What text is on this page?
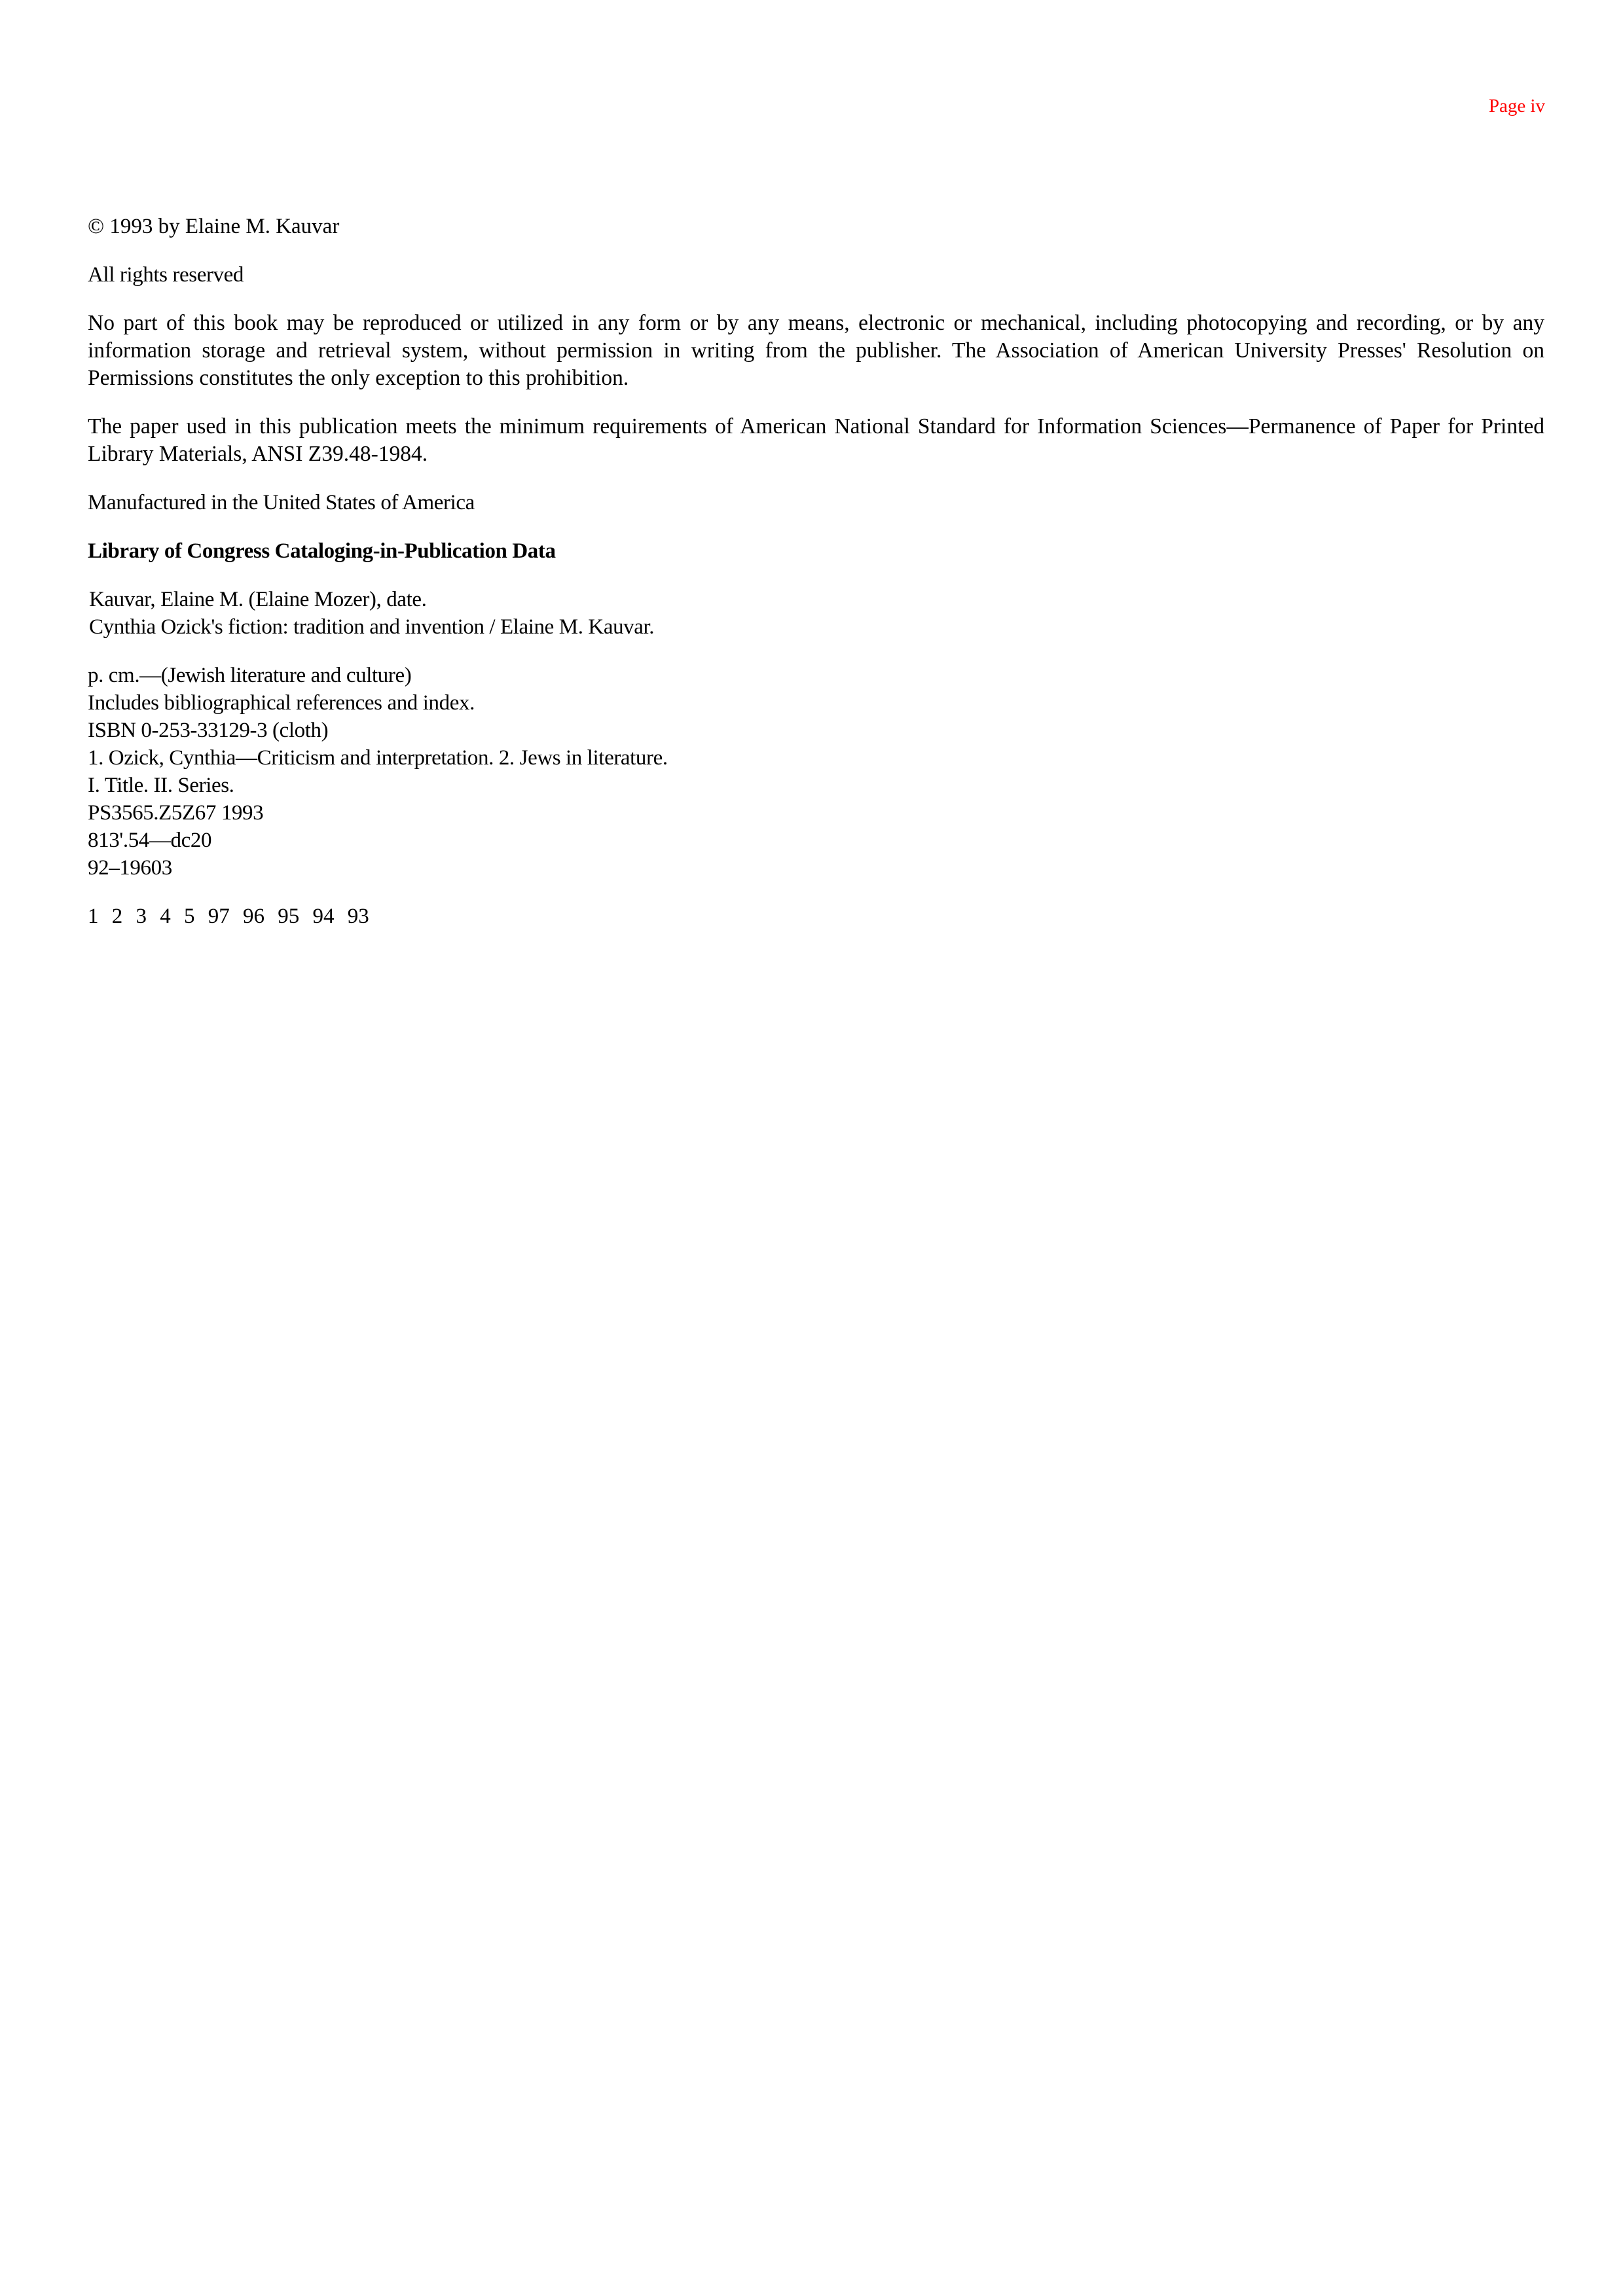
Page iv

© 1993 by Elaine M. Kauvar

All rights reserved

No part of this book may be reproduced or utilized in any form or by any means, electronic or mechanical, including photocopying and recording, or by any information storage and retrieval system, without permission in writing from the publisher. The Association of American University Presses' Resolution on Permissions constitutes the only exception to this prohibition.

The paper used in this publication meets the minimum requirements of American National Standard for Information Sciences—Permanence of Paper for Printed Library Materials, ANSI Z39.48-1984.

Manufactured in the United States of America

Library of Congress Cataloging-in-Publication Data

Kauvar, Elaine M. (Elaine Mozer), date.
Cynthia Ozick's fiction: tradition and invention / Elaine M. Kauvar.
p. cm.—(Jewish literature and culture)
Includes bibliographical references and index.
ISBN 0-253-33129-3 (cloth)
1. Ozick, Cynthia—Criticism and interpretation. 2. Jews in literature.
I. Title. II. Series.
PS3565.Z5Z67 1993
813'.54—dc20
92–19603

1 2 3 4 5 97 96 95 94 93
